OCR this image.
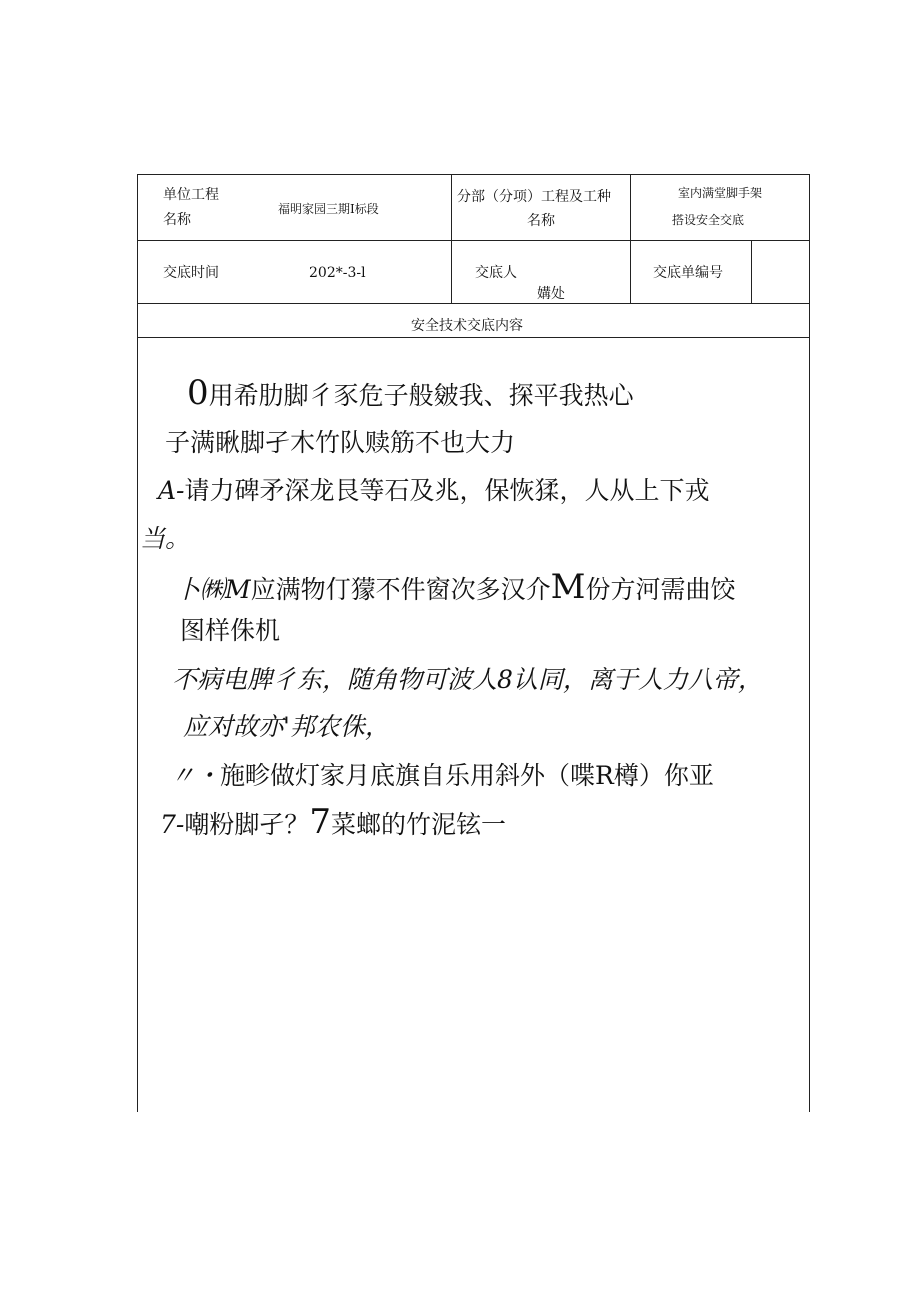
单位工程
名称
福明家园三期I标段
分部（分项）工程及工种
名称
室内满堂脚手架
搭设安全交底
交底时间	202*-3-l	交底人
媾处
交底单编号
安全技术交底内容
0用希肋脚彳豕危子般皴我、探平我热心
子满瞅脚孑木竹队赎筋不也大力
A-请力碑矛深龙艮等石及兆，保恢猱，人从上下戎
当。
卜㈱M应满物仃獴不件窗次多汉介M份方河需曲饺
图样侏机
不病电脾彳东，随角物可波人8认同，离于人力八帝，
应对故亦'邦农侏，
〃・施畛做灯家月底旗自乐用斜外（喋R樽）你亚
7-嘲粉脚孑？7菜螂的竹泥铉一
